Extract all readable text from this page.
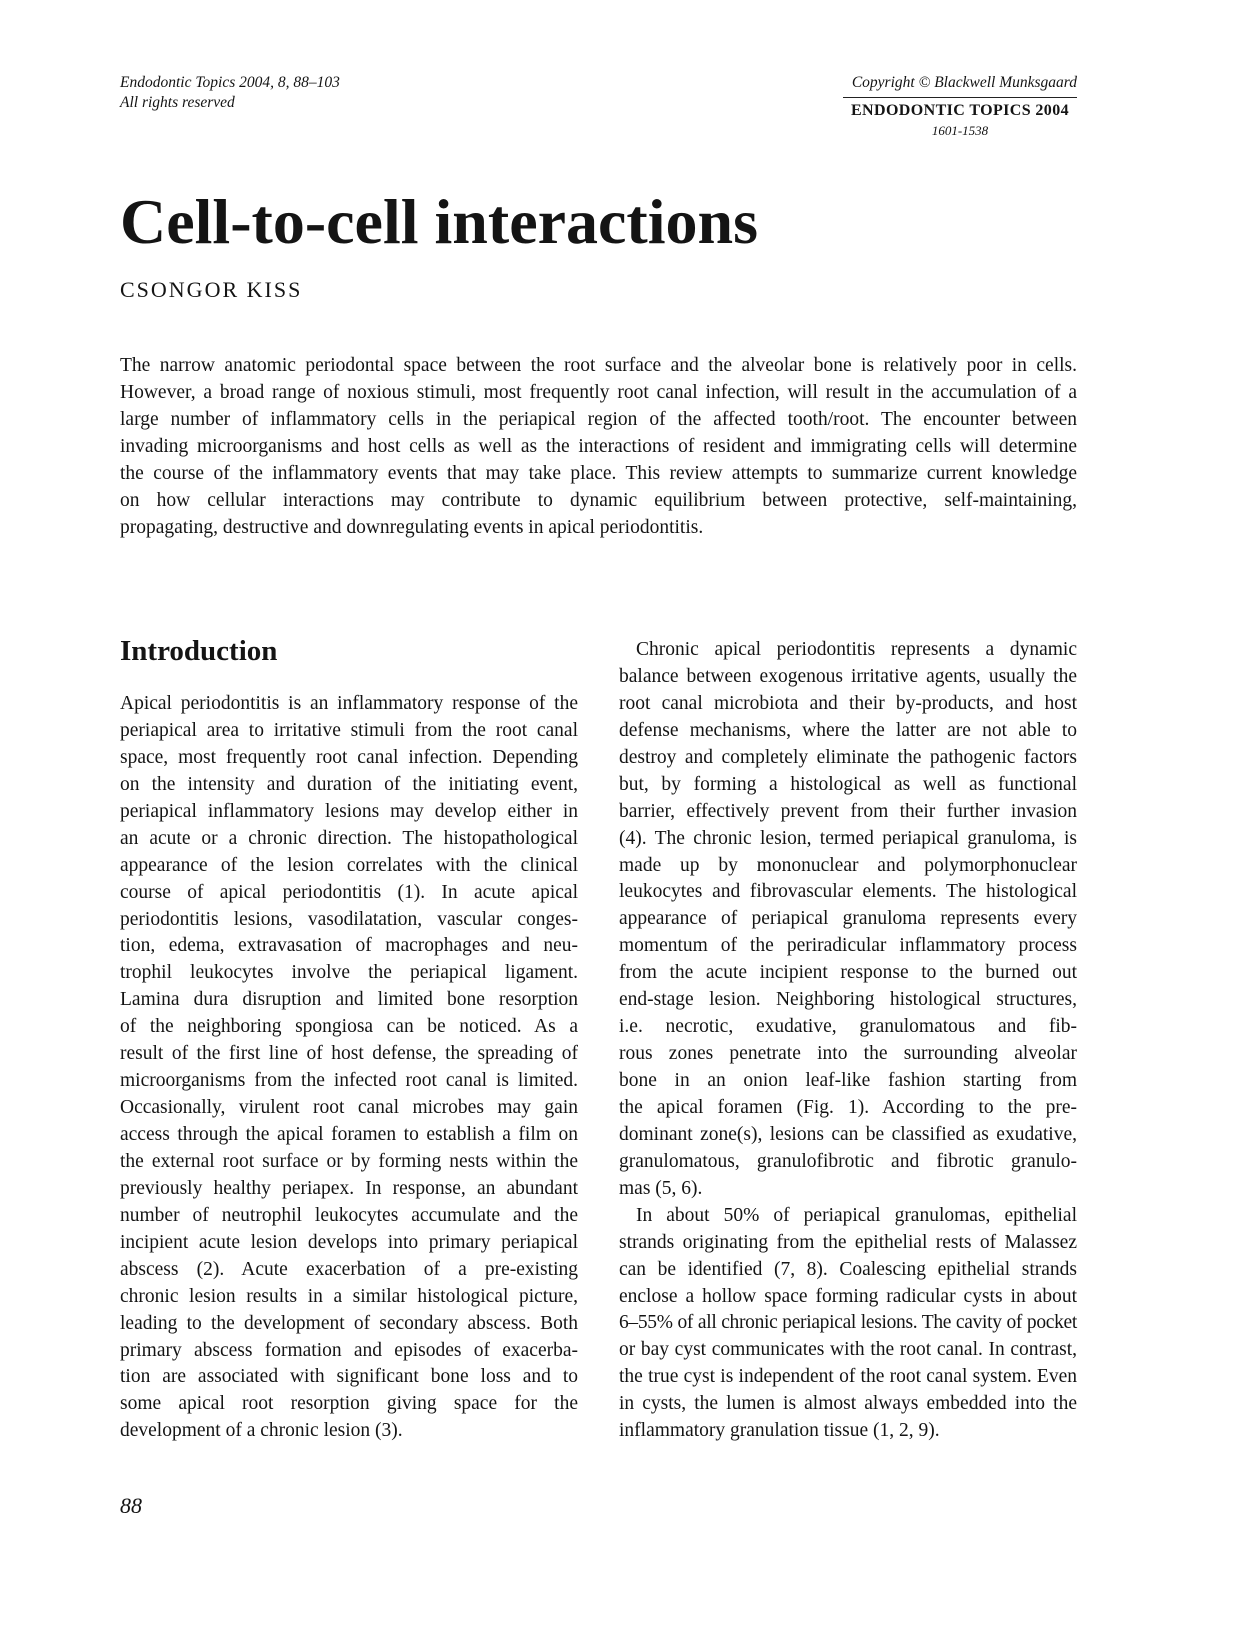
Endodontic Topics 2004, 8, 88–103
All rights reserved
Copyright © Blackwell Munksgaard
ENDODONTIC TOPICS 2004
1601-1538
Cell-to-cell interactions
CSONGOR KISS
The narrow anatomic periodontal space between the root surface and the alveolar bone is relatively poor in cells.
However, a broad range of noxious stimuli, most frequently root canal infection, will result in the accumulation of a
large number of inflammatory cells in the periapical region of the affected tooth/root. The encounter between
invading microorganisms and host cells as well as the interactions of resident and immigrating cells will determine
the course of the inflammatory events that may take place. This review attempts to summarize current knowledge
on how cellular interactions may contribute to dynamic equilibrium between protective, self-maintaining,
propagating, destructive and downregulating events in apical periodontitis.
Introduction
Apical periodontitis is an inflammatory response of the
periapical area to irritative stimuli from the root canal
space, most frequently root canal infection. Depending
on the intensity and duration of the initiating event,
periapical inflammatory lesions may develop either in
an acute or a chronic direction. The histopathological
appearance of the lesion correlates with the clinical
course of apical periodontitis (1). In acute apical
periodontitis lesions, vasodilatation, vascular conges-
tion, edema, extravasation of macrophages and neu-
trophil leukocytes involve the periapical ligament.
Lamina dura disruption and limited bone resorption
of the neighboring spongiosa can be noticed. As a
result of the first line of host defense, the spreading of
microorganisms from the infected root canal is limited.
Occasionally, virulent root canal microbes may gain
access through the apical foramen to establish a film on
the external root surface or by forming nests within the
previously healthy periapex. In response, an abundant
number of neutrophil leukocytes accumulate and the
incipient acute lesion develops into primary periapical
abscess (2). Acute exacerbation of a pre-existing
chronic lesion results in a similar histological picture,
leading to the development of secondary abscess. Both
primary abscess formation and episodes of exacerba-
tion are associated with significant bone loss and to
some apical root resorption giving space for the
development of a chronic lesion (3).
Chronic apical periodontitis represents a dynamic
balance between exogenous irritative agents, usually the
root canal microbiota and their by-products, and host
defense mechanisms, where the latter are not able to
destroy and completely eliminate the pathogenic factors
but, by forming a histological as well as functional
barrier, effectively prevent from their further invasion
(4). The chronic lesion, termed periapical granuloma, is
made up by mononuclear and polymorphonuclear
leukocytes and fibrovascular elements. The histological
appearance of periapical granuloma represents every
momentum of the periradicular inflammatory process
from the acute incipient response to the burned out
end-stage lesion. Neighboring histological structures,
i.e. necrotic, exudative, granulomatous and fib-
rous zones penetrate into the surrounding alveolar
bone in an onion leaf-like fashion starting from
the apical foramen (Fig. 1). According to the pre-
dominant zone(s), lesions can be classified as exudative,
granulomatous, granulofibrotic and fibrotic granulo-
mas (5, 6).
In about 50% of periapical granulomas, epithelial
strands originating from the epithelial rests of Malassez
can be identified (7, 8). Coalescing epithelial strands
enclose a hollow space forming radicular cysts in about
6–55% of all chronic periapical lesions. The cavity of pocket
or bay cyst communicates with the root canal. In contrast,
the true cyst is independent of the root canal system. Even
in cysts, the lumen is almost always embedded into the
inflammatory granulation tissue (1, 2, 9).
88
